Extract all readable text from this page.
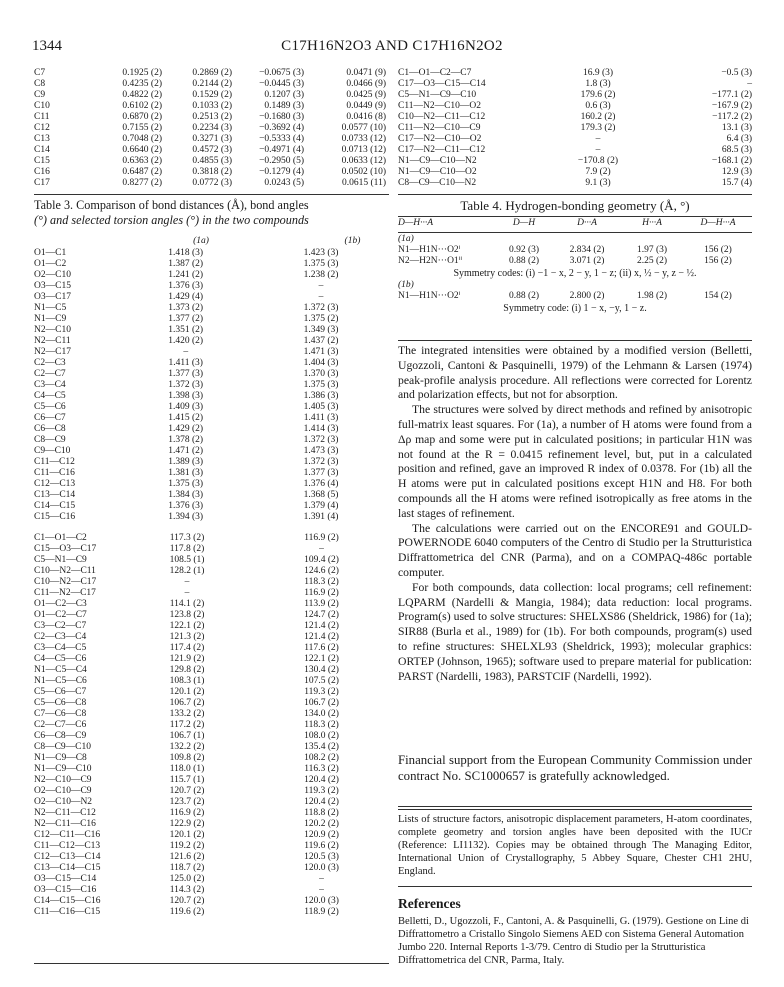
1344	C17H16N2O3 AND C17H16N2O2
C7	0.1925 (2)	0.2869 (2)	−0.0675 (3)	0.0471 (9)
C8	0.4235 (2)	0.2144 (2)	−0.0445 (3)	0.0466 (9)
C9	0.4822 (2)	0.1529 (2)	0.1207 (3)	0.0425 (9)
C10	0.6102 (2)	0.1033 (2)	0.1489 (3)	0.0449 (9)
C11	0.6870 (2)	0.2513 (2)	−0.1680 (3)	0.0416 (8)
C12	0.7155 (2)	0.2234 (3)	−0.3692 (4)	0.0577 (10)
C13	0.7048 (2)	0.3271 (3)	−0.5333 (4)	0.0733 (12)
C14	0.6640 (2)	0.4572 (3)	−0.4971 (4)	0.0713 (12)
C15	0.6363 (2)	0.4855 (3)	−0.2950 (5)	0.0633 (12)
C16	0.6487 (2)	0.3818 (2)	−0.1279 (4)	0.0502 (10)
C17	0.8277 (2)	0.0772 (3)	0.0243 (5)	0.0615 (11)
C1—O1—C2—C7	16.9 (3)	−0.5 (3)
C17—O3—C15—C14	1.8 (3)	–
C5—N1—C9—C10	179.6 (2)	−177.1 (2)
C11—N2—C10—O2	0.6 (3)	−167.9 (2)
C10—N2—C11—C12	160.2 (2)	−117.2 (2)
C11—N2—C10—C9	179.3 (2)	13.1 (3)
C17—N2—C10—O2	–	6.4 (3)
C17—N2—C11—C12	–	68.5 (3)
N1—C9—C10—N2	−170.8 (2)	−168.1 (2)
N1—C9—C10—O2	7.9 (2)	12.9 (3)
C8—C9—C10—N2	9.1 (3)	15.7 (4)
Table 3. Comparison of bond distances (Å), bond angles
(°) and selected torsion angles (°) in the two compounds
	(1a)		(1b)
O1—C1	1.418 (3)	1.423 (3)
O1—C2	1.387 (2)	1.375 (3)
O2—C10	1.241 (2)	1.238 (2)
O3—C15	1.376 (3)	–
O3—C17	1.429 (4)	–
N1—C5	1.373 (2)	1.372 (3)
N1—C9	1.377 (2)	1.375 (2)
N2—C10	1.351 (2)	1.349 (3)
N2—C11	1.420 (2)	1.437 (2)
N2—C17	–	1.471 (3)
C2—C3	1.411 (3)	1.404 (3)
C2—C7	1.377 (3)	1.370 (3)
C3—C4	1.372 (3)	1.375 (3)
C4—C5	1.398 (3)	1.386 (3)
C5—C6	1.409 (3)	1.405 (3)
C6—C7	1.415 (2)	1.411 (3)
C6—C8	1.429 (2)	1.414 (3)
C8—C9	1.378 (2)	1.372 (3)
C9—C10	1.471 (2)	1.473 (3)
C11—C12	1.389 (3)	1.372 (3)
C11—C16	1.381 (3)	1.377 (3)
C12—C13	1.375 (3)	1.376 (4)
C13—C14	1.384 (3)	1.368 (5)
C14—C15	1.376 (3)	1.379 (4)
C15—C16	1.394 (3)	1.391 (4)
C1—O1—C2	117.3 (2)	116.9 (2)
C15—O3—C17	117.8 (2)	–
C5—N1—C9	108.5 (1)	109.4 (2)
C10—N2—C11	128.2 (1)	124.6 (2)
C10—N2—C17	–	118.3 (2)
C11—N2—C17	–	116.9 (2)
O1—C2—C3	114.1 (2)	113.9 (2)
O1—C2—C7	123.8 (2)	124.7 (2)
C3—C2—C7	122.1 (2)	121.4 (2)
C2—C3—C4	121.3 (2)	121.4 (2)
C3—C4—C5	117.4 (2)	117.6 (2)
C4—C5—C6	121.9 (2)	122.1 (2)
N1—C5—C4	129.8 (2)	130.4 (2)
N1—C5—C6	108.3 (1)	107.5 (2)
C5—C6—C7	120.1 (2)	119.3 (2)
C5—C6—C8	106.7 (2)	106.7 (2)
C7—C6—C8	133.2 (2)	134.0 (2)
C2—C7—C6	117.2 (2)	118.3 (2)
C6—C8—C9	106.7 (1)	108.0 (2)
C8—C9—C10	132.2 (2)	135.4 (2)
N1—C9—C8	109.8 (2)	108.2 (2)
N1—C9—C10	118.0 (1)	116.3 (2)
N2—C10—C9	115.7 (1)	120.4 (2)
O2—C10—C9	120.7 (2)	119.3 (2)
O2—C10—N2	123.7 (2)	120.4 (2)
N2—C11—C12	116.9 (2)	118.8 (2)
N2—C11—C16	122.9 (2)	120.2 (2)
C12—C11—C16	120.1 (2)	120.9 (2)
C11—C12—C13	119.2 (2)	119.6 (2)
C12—C13—C14	121.6 (2)	120.5 (3)
C13—C14—C15	118.7 (2)	120.0 (3)
O3—C15—C14	125.0 (2)	–
O3—C15—C16	114.3 (2)	–
C14—C15—C16	120.7 (2)	120.0 (3)
C11—C16—C15	119.6 (2)	118.9 (2)
Table 4. Hydrogen-bonding geometry (Å, °)
D—H···A	D—H	D···A	H···A	D—H···A
(1a)
N1—H1N···O2ⁱ	0.92 (3)	2.834 (2)	1.97 (3)	156 (2)
N2—H2N···O1ⁱⁱ	0.88 (2)	3.071 (2)	2.25 (2)	156 (2)
Symmetry codes: (i) −1 − x, 2 − y, 1 − z; (ii) x, ½ − y, z − ½.
(1b)
N1—H1N···O2ⁱ	0.88 (2)	2.800 (2)	1.98 (2)	154 (2)
Symmetry code: (i) 1 − x, −y, 1 − z.

The integrated intensities were obtained by a modified version (Belletti, Ugozzoli, Cantoni & Pasquinelli, 1979) of the Lehmann & Larsen (1974) peak-profile analysis procedure. All reflections were corrected for Lorentz and polarization effects, but not for absorption.

The structures were solved by direct methods and refined by anisotropic full-matrix least squares. For (1a), a number of H atoms were found from a Δρ map and some were put in calculated positions; in particular H1N was not found at the R = 0.0415 refinement level, but, put in a calculated position and refined, gave an improved R index of 0.0378. For (1b) all the H atoms were put in calculated positions except H1N and H8. For both compounds all the H atoms were refined isotropically as free atoms in the last stages of refinement.

The calculations were carried out on the ENCORE91 and GOULD-POWERNODE 6040 computers of the Centro di Studio per la Strutturistica Diffrattometrica del CNR (Parma), and on a COMPAQ-486c portable computer.

For both compounds, data collection: local programs; cell refinement: LQPARM (Nardelli & Mangia, 1984); data reduction: local programs. Program(s) used to solve structures: SHELXS86 (Sheldrick, 1986) for (1a); SIR88 (Burla et al., 1989) for (1b). For both compounds, program(s) used to refine structures: SHELXL93 (Sheldrick, 1993); molecular graphics: ORTEP (Johnson, 1965); software used to prepare material for publication: PARST (Nardelli, 1983), PARSTCIF (Nardelli, 1992).

Financial support from the European Community Commission under contract No. SC1000657 is gratefully acknowledged.
Lists of structure factors, anisotropic displacement parameters, H-atom coordinates, complete geometry and torsion angles have been deposited with the IUCr (Reference: LI1132). Copies may be obtained through The Managing Editor, International Union of Crystallography, 5 Abbey Square, Chester CH1 2HU, England.
References
Belletti, D., Ugozzoli, F., Cantoni, A. & Pasquinelli, G. (1979). Gestione on Line di Diffrattometro a Cristallo Singolo Siemens AED con Sistema General Automation Jumbo 220. Internal Reports 1-3/79. Centro di Studio per la Strutturistica Diffrattometrica del CNR, Parma, Italy.
